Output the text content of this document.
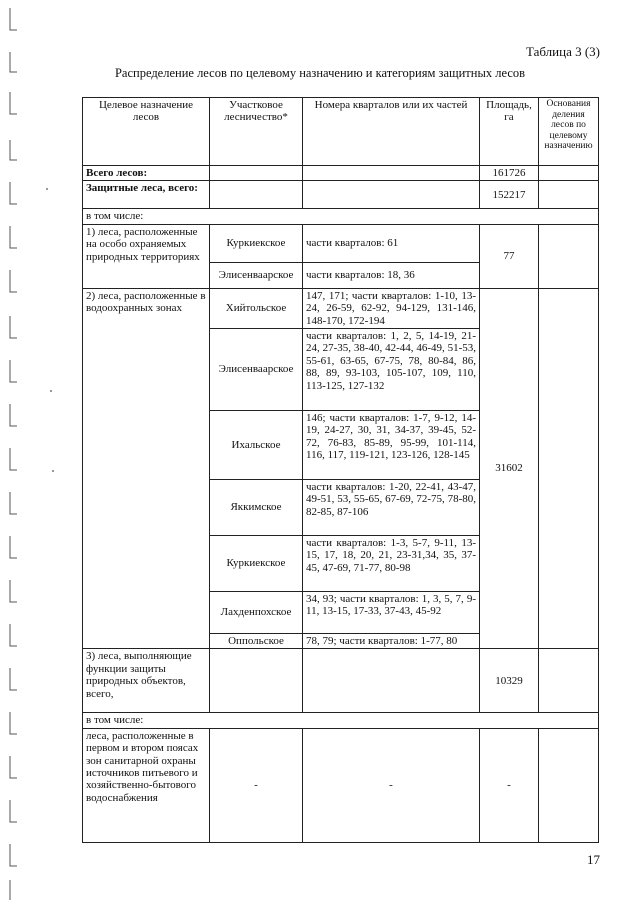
Таблица 3 (3)
Распределение лесов по целевому назначению и категориям защитных лесов
Целевое назначение лесов	Участковое лесничество*	Номера кварталов или их частей	Площадь, га	Основания деления лесов по целевому назначению
Всего лесов:			161726	
Защитные леса, всего:			152217	
в том числе:				
1) леса, расположенные на особо охраняемых природных территориях	Куркиекское	части кварталов: 61	77	
	Элисенваарское	части кварталов: 18, 36		
2) леса, расположенные в водоохранных зонах	Хийтольское	147, 171; части кварталов: 1-10, 13-24, 26-59, 62-92, 94-129, 131-146, 148-170, 172-194	31602	
	Элисенваарское	части кварталов: 1, 2, 5, 14-19, 21-24, 27-35, 38-40, 42-44, 46-49, 51-53, 55-61, 63-65, 67-75, 78, 80-84, 86, 88, 89, 93-103, 105-107, 109, 110, 113-125, 127-132		
	Ихальское	146; части кварталов: 1-7, 9-12, 14-19, 24-27, 30, 31, 34-37, 39-45, 52-72, 76-83, 85-89, 95-99, 101-114, 116, 117, 119-121, 123-126, 128-145		
	Яккимское	части кварталов: 1-20, 22-41, 43-47, 49-51, 53, 55-65, 67-69, 72-75, 78-80, 82-85, 87-106		
	Куркиекское	части кварталов: 1-3, 5-7, 9-11, 13-15, 17, 18, 20, 21, 23-31,34, 35, 37-45, 47-69, 71-77, 80-98		
	Лахденпохское	34, 93; части кварталов: 1, 3, 5, 7, 9-11, 13-15, 17-33, 37-43, 45-92		
	Оппольское	78, 79; части кварталов: 1-77, 80		
3) леса, выполняющие функции защиты природных объектов, всего,			10329	
в том числе:				
леса, расположенные в первом и втором поясах зон санитарной охраны источников питьевого и хозяйственно-бытового водоснабжения	-	-	-	
17
